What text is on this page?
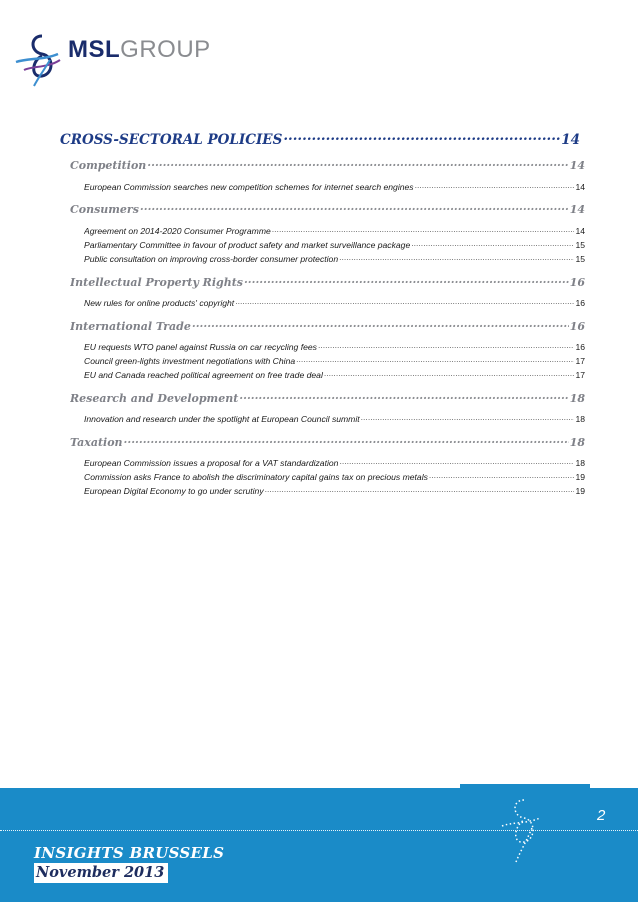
MSLGROUP
CROSS-SECTORAL POLICIES .....	14
Competition .....	14
European Commission searches new competition schemes for internet search engines .....	14
Consumers .....	14
Agreement on 2014-2020 Consumer Programme .....	14
Parliamentary Committee in favour of product safety and market surveillance package .....	15
Public consultation on improving cross-border consumer protection .....	15
Intellectual Property Rights .....	16
New rules for online products' copyright .....	16
International Trade .....	16
EU requests WTO panel against Russia on car recycling fees .....	16
Council green-lights investment negotiations with China .....	17
EU and Canada reached political agreement on free trade deal .....	17
Research and Development .....	18
Innovation and research under the spotlight at European Council summit .....	18
Taxation .....	18
European Commission issues a proposal for a VAT standardization .....	18
Commission asks France to abolish the discriminatory capital gains tax on precious metals .....	19
European Digital Economy to go under scrutiny .....	19
2
INSIGHTS BRUSSELS
November 2013
